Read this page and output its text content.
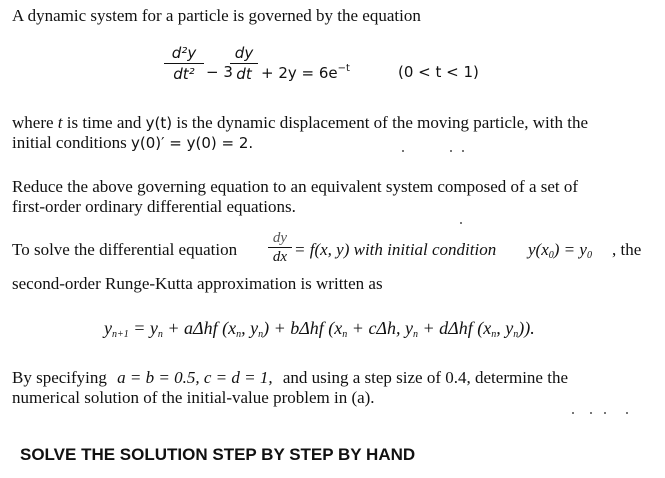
A dynamic system for a particle is governed by the equation
d²y
dt² − 3
dy
dt + $2y = 6e^{-t}$	(0 < t < 1)
where t is time and y(t) is the dynamic displacement of the moving particle, with the
initial conditions y(0)′ = y(0) = 2.
Reduce the above governing equation to an equivalent system composed of a set of
first-order ordinary differential equations.
To solve the differential equation
dy
dx = f(x, y) with initial condition $y(x_0) = y_0$ , the
second-order Runge-Kutta approximation is written as
$y_{n+1} = y_n + a\Delta hf$ ($x_n$, $y_n) + b\Delta hf$ ($x_n + c\Delta h$, $y_n + d\Delta hf$ ($x_n$, $y_n$)).
By specifying a = b = 0.5, c = d = 1, and using a step size of 0.4, determine the
numerical solution of the initial-value problem in (a).
SOLVE THE SOLUTION STEP BY STEP BY HAND
